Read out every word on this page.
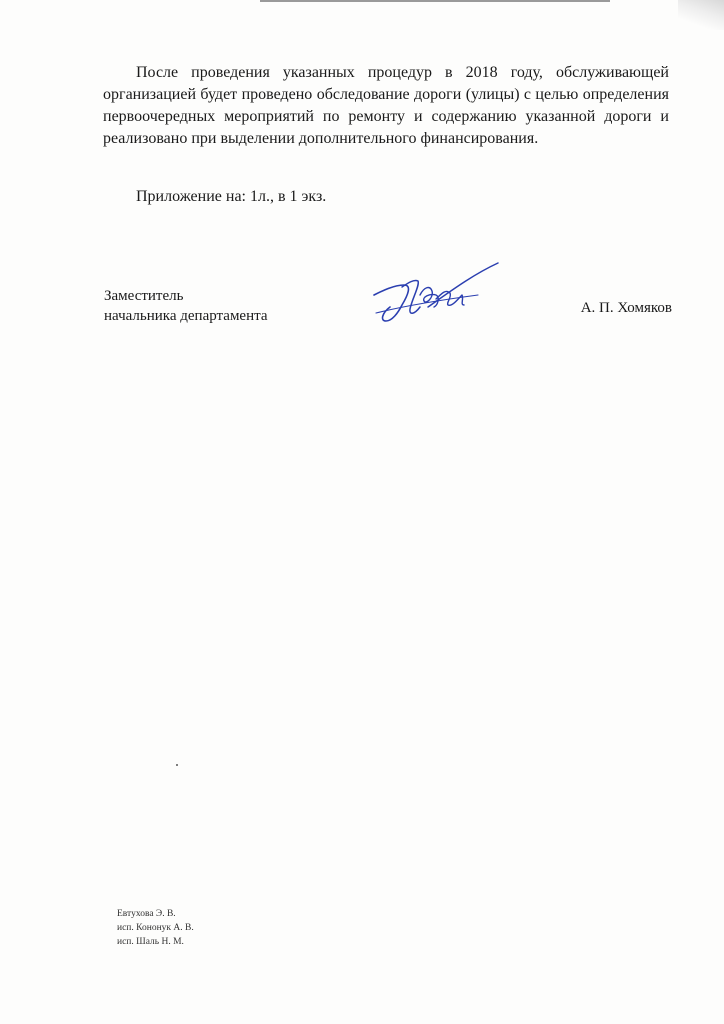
После проведения указанных процедур в 2018 году, обслуживающей организацией будет проведено обследование дороги (улицы) с целью определения первоочередных мероприятий по ремонту и содержанию указанной дороги и реализовано при выделении дополнительного финансирования.

Приложение на: 1л., в 1 экз.

Заместитель
начальника департамента	А. П. Хомяков
Евтухова Э. В.
исп. Кононук А. В.
исп. Шаль Н. М.
